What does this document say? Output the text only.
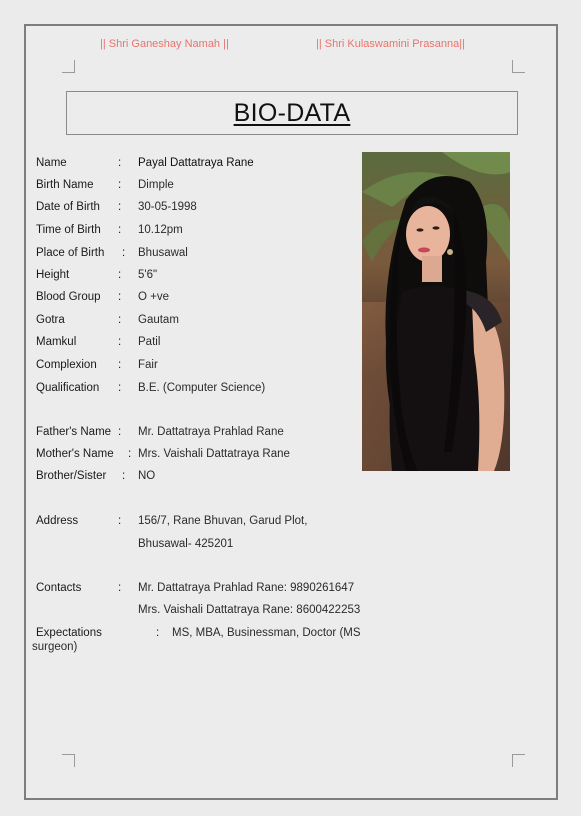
|| Shri Ganeshay Namah ||	|| Shri Kulaswamini Prasanna||
BIO-DATA
Name	: Payal Dattatraya Rane
Birth Name	: Dimple
Date of Birth	: 30-05-1998
Time of Birth	: 10.12pm
Place of Birth	: Bhusawal
Height	: 5'6"
Blood Group	: O +ve
Gotra	: Gautam
Mamkul	: Patil
Complexion	: Fair
Qualification	: B.E. (Computer Science)
Father's Name : Mr. Dattatraya Prahlad Rane
Mother's Name	: Mrs. Vaishali Dattatraya Rane
Brother/Sister	: NO
Address	: 156/7, Rane Bhuvan, Garud Plot,
Bhusawal- 425201
Contacts	: Mr. Dattatraya Prahlad Rane: 9890261647
Mrs. Vaishali Dattatraya Rane: 8600422253
Expectations	: MS, MBA, Businessman, Doctor (MS
surgeon)
